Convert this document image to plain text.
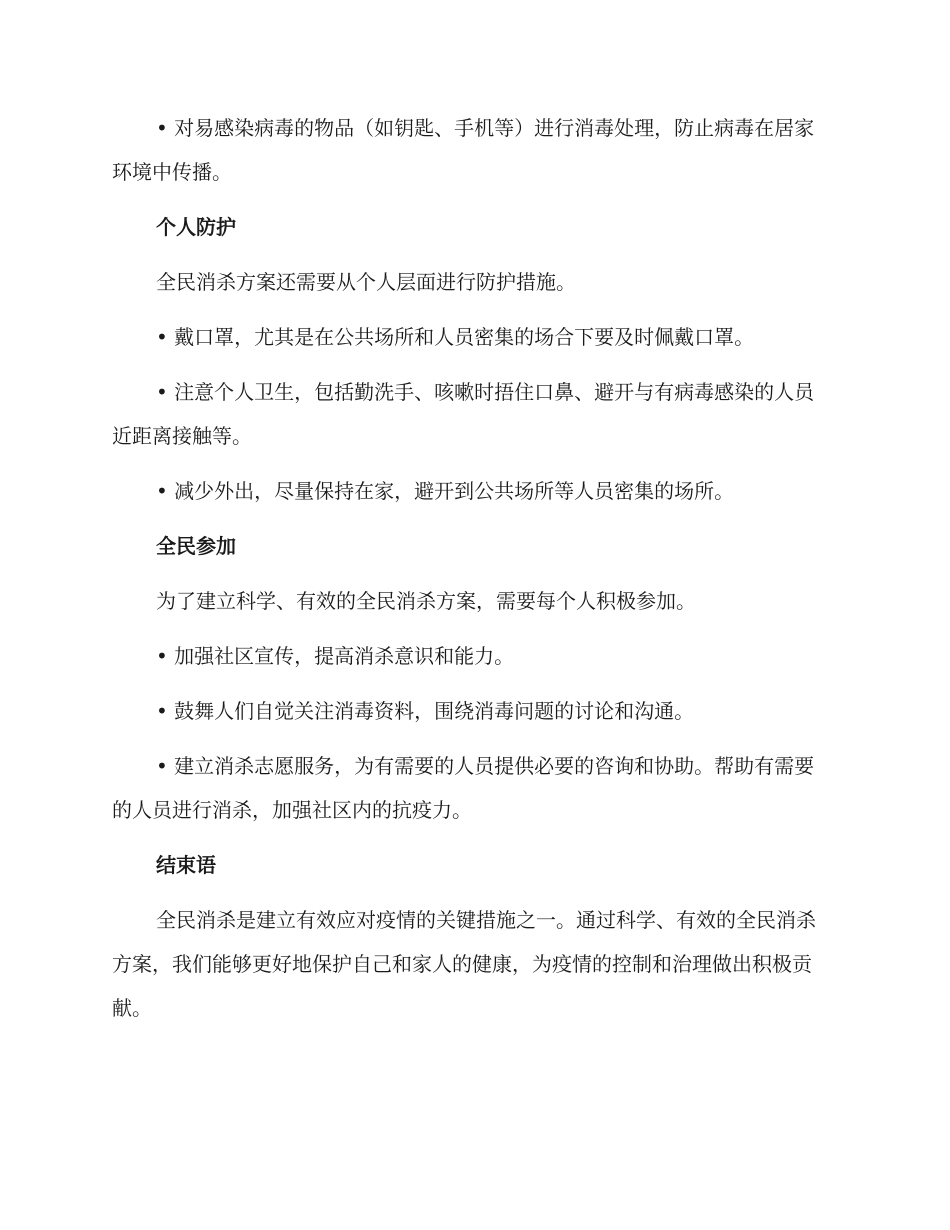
• 对易感染病毒的物品（如钥匙、手机等）进行消毒处理，防止病毒在居家环境中传播。

个人防护

全民消杀方案还需要从个人层面进行防护措施。

• 戴口罩，尤其是在公共场所和人员密集的场合下要及时佩戴口罩。

• 注意个人卫生，包括勤洗手、咳嗽时捂住口鼻、避开与有病毒感染的人员近距离接触等。

• 减少外出，尽量保持在家，避开到公共场所等人员密集的场所。

全民参加

为了建立科学、有效的全民消杀方案，需要每个人积极参加。

• 加强社区宣传，提高消杀意识和能力。

• 鼓舞人们自觉关注消毒资料，围绕消毒问题的讨论和沟通。

• 建立消杀志愿服务，为有需要的人员提供必要的咨询和协助。帮助有需要的人员进行消杀，加强社区内的抗疫力。

结束语

全民消杀是建立有效应对疫情的关键措施之一。通过科学、有效的全民消杀方案，我们能够更好地保护自己和家人的健康，为疫情的控制和治理做出积极贡献。
